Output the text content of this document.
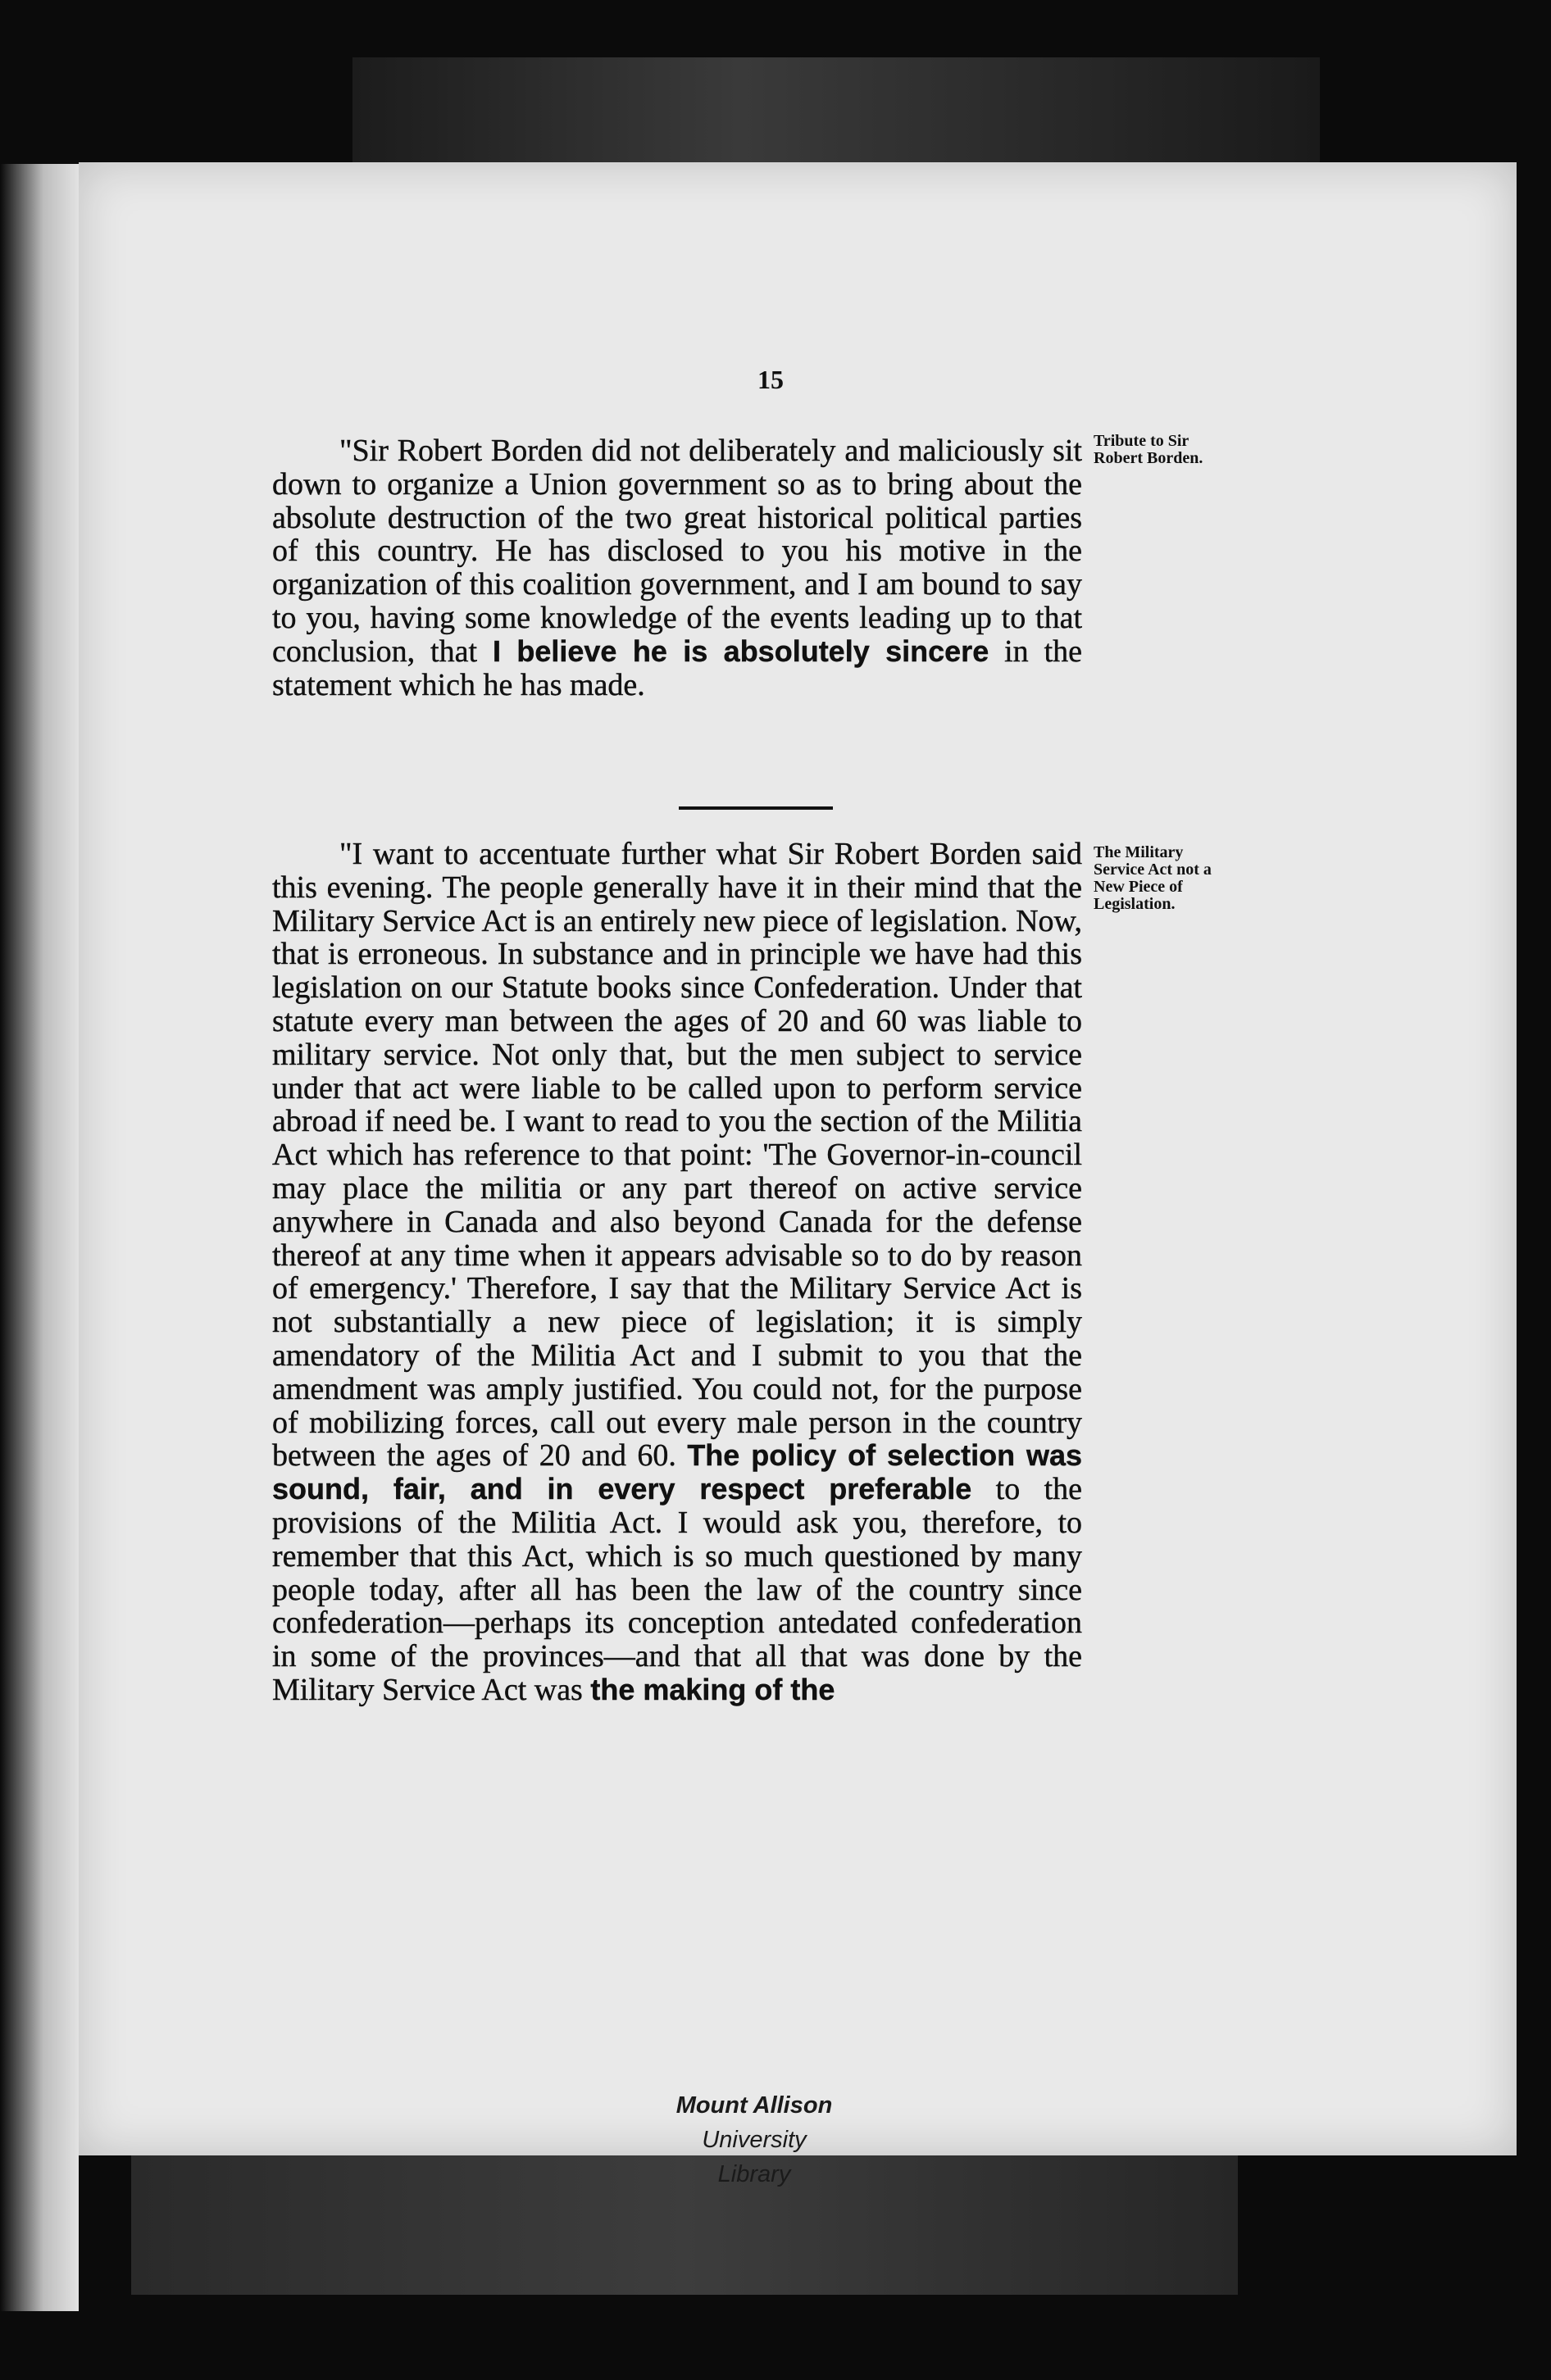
15

"Sir Robert Borden did not deliberately and maliciously sit down to organize a Union government so as to bring about the absolute destruction of the two great historical political parties of this country. He has disclosed to you his motive in the organization of this coalition government, and I am bound to say to you, having some knowledge of the events leading up to that conclusion, that I believe he is absolutely sincere in the statement which he has made.

Tribute to Sir Robert Borden.

"I want to accentuate further what Sir Robert Borden said this evening. The people generally have it in their mind that the Military Service Act is an entirely new piece of legislation. Now, that is erroneous. In substance and in principle we have had this legislation on our Statute books since Confederation. Under that statute every man between the ages of 20 and 60 was liable to military service. Not only that, but the men subject to service under that act were liable to be called upon to perform service abroad if need be. I want to read to you the section of the Militia Act which has reference to that point: 'The Governor-in-council may place the militia or any part thereof on active service anywhere in Canada and also beyond Canada for the defense thereof at any time when it appears advisable so to do by reason of emergency.' Therefore, I say that the Military Service Act is not substantially a new piece of legislation; it is simply amendatory of the Militia Act and I submit to you that the amendment was amply justified. You could not, for the purpose of mobilizing forces, call out every male person in the country between the ages of 20 and 60. The policy of selection was sound, fair, and in every respect preferable to the provisions of the Militia Act. I would ask you, therefore, to remember that this Act, which is so much questioned by many people today, after all has been the law of the country since confederation—perhaps its conception antedated confederation in some of the provinces—and that all that was done by the Military Service Act was the making of the

The Military Service Act not a New Piece of Legislation.
Mount Allison
University
Library
